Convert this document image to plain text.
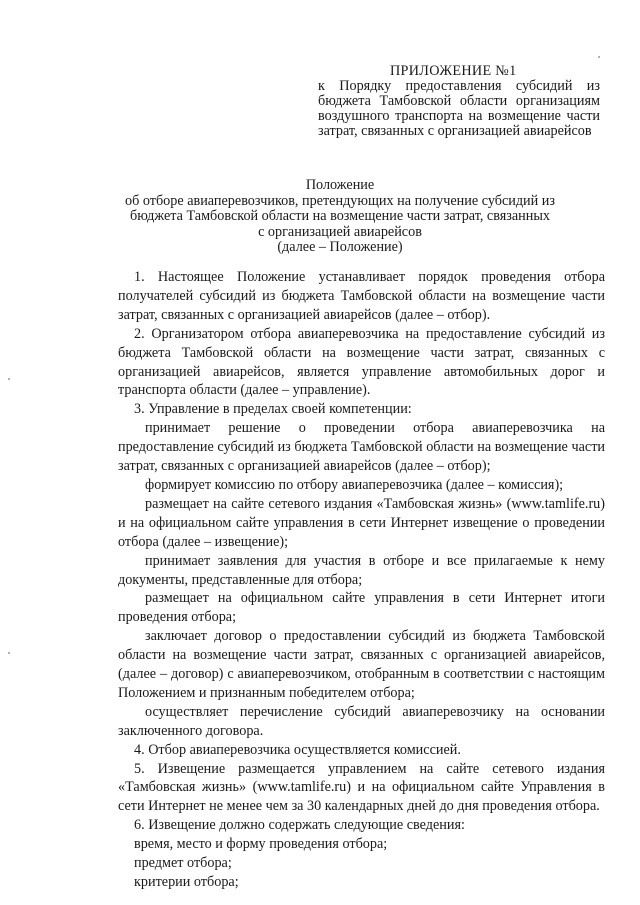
ПРИЛОЖЕНИЕ №1
к Порядку предоставления субсидий из бюджета Тамбовской области организациям воздушного транспорта на возмещение части затрат, связанных с организацией авиарейсов
Положение
об отборе авиаперевозчиков, претендующих на получение субсидий из
бюджета Тамбовской области на возмещение части затрат, связанных
с организацией авиарейсов
(далее – Положение)

1. Настоящее Положение устанавливает порядок проведения отбора получателей субсидий из бюджета Тамбовской области на возмещение части затрат, связанных с организацией авиарейсов (далее – отбор).

2. Организатором отбора авиаперевозчика на предоставление субсидий из бюджета Тамбовской области на возмещение части затрат, связанных с организацией авиарейсов, является управление автомобильных дорог и транспорта области (далее – управление).

3. Управление в пределах своей компетенции:

принимает решение о проведении отбора авиаперевозчика на предоставление субсидий из бюджета Тамбовской области на возмещение части затрат, связанных с организацией авиарейсов (далее – отбор);

формирует комиссию по отбору авиаперевозчика (далее – комиссия);

размещает на сайте сетевого издания «Тамбовская жизнь» (www.tamlife.ru) и на официальном сайте управления в сети Интернет извещение о проведении отбора (далее – извещение);

принимает заявления для участия в отборе и все прилагаемые к нему документы, представленные для отбора;

размещает на официальном сайте управления в сети Интернет итоги проведения отбора;

заключает договор о предоставлении субсидий из бюджета Тамбовской области на возмещение части затрат, связанных с организацией авиарейсов, (далее – договор) с авиаперевозчиком, отобранным в соответствии с настоящим Положением и признанным победителем отбора;

осуществляет перечисление субсидий авиаперевозчику на основании заключенного договора.

4. Отбор авиаперевозчика осуществляется комиссией.

5. Извещение размещается управлением на сайте сетевого издания «Тамбовская жизнь» (www.tamlife.ru) и на официальном сайте Управления в сети Интернет не менее чем за 30 календарных дней до дня проведения отбора.

6. Извещение должно содержать следующие сведения:

время, место и форму проведения отбора;

предмет отбора;

критерии отбора;
